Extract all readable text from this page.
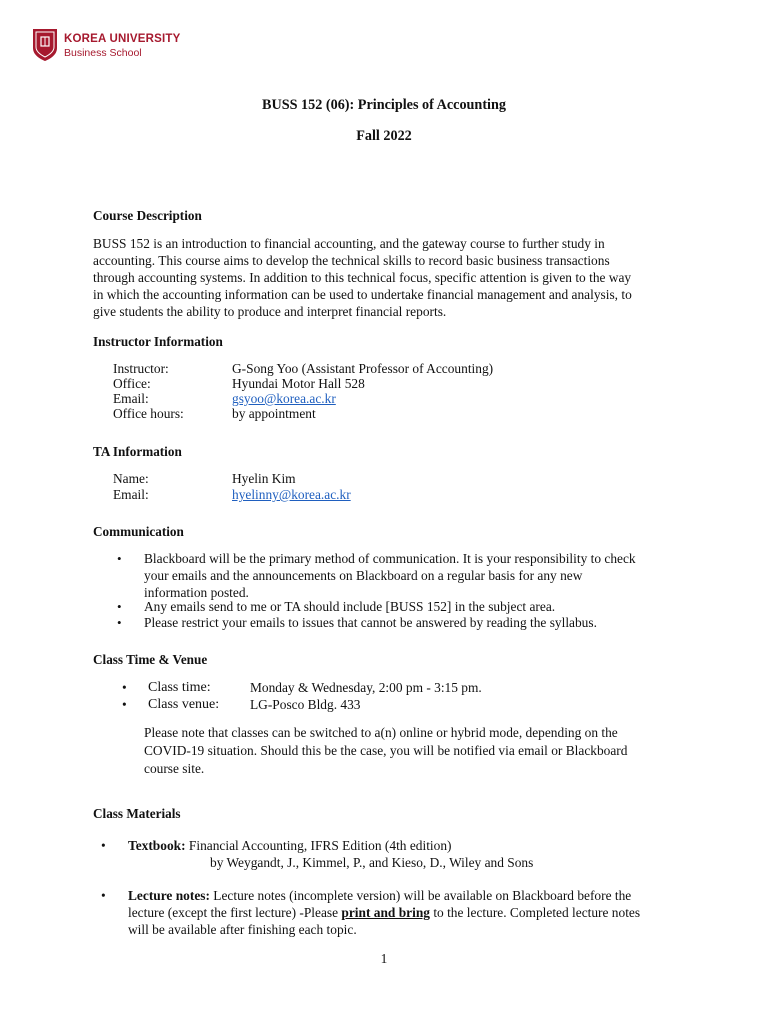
KOREA UNIVERSITY
Business School
BUSS 152 (06): Principles of Accounting
Fall 2022
Course Description
BUSS 152 is an introduction to financial accounting, and the gateway course to further study in
accounting. This course aims to develop the technical skills to record basic business transactions
through accounting systems. In addition to this technical focus, specific attention is given to the way
in which the accounting information can be used to undertake financial management and analysis, to
give students the ability to produce and interpret financial reports.
Instructor Information
Instructor:	G-Song Yoo (Assistant Professor of Accounting)
Office:	Hyundai Motor Hall 528
Email:	gsyoo@korea.ac.kr
Office hours:	by appointment
TA Information
Name:	Hyelin Kim
Email:	hyelinny@korea.ac.kr
Communication
• Blackboard will be the primary method of communication. It is your responsibility to check
your emails and the announcements on Blackboard on a regular basis for any new
information posted.
• Any emails send to me or TA should include [BUSS 152] in the subject area.
• Please restrict your emails to issues that cannot be answered by reading the syllabus.
Class Time & Venue
• Class time:	Monday & Wednesday, 2:00 pm - 3:15 pm.
• Class venue: LG-Posco Bldg. 433
Please note that classes can be switched to a(n) online or hybrid mode, depending on the
COVID-19 situation. Should this be the case, you will be notified via email or Blackboard
course site.
Class Materials
• Textbook: Financial Accounting, IFRS Edition (4th edition)
by Weygandt, J., Kimmel, P., and Kieso, D., Wiley and Sons
• Lecture notes: Lecture notes (incomplete version) will be available on Blackboard before the
lecture (except the first lecture) -Please print and bring to the lecture. Completed lecture notes
will be available after finishing each topic.
1
